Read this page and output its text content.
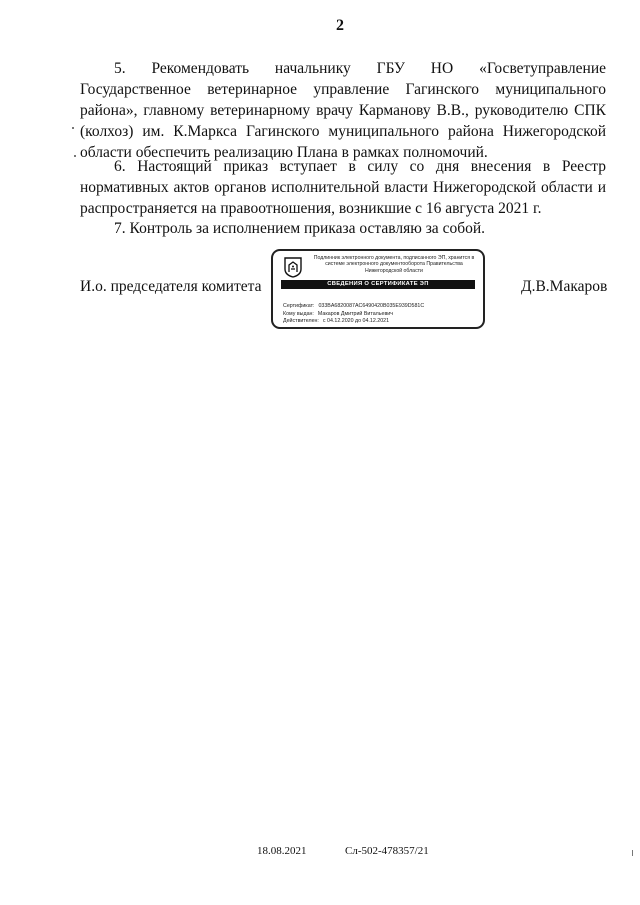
2

5. Рекомендовать начальнику ГБУ НО «Госветуправление Государственное ветеринарное управление Гагинского муниципального района», главному ветеринарному врачу Карманову В.В., руководителю СПК (колхоз) им. К.Маркса Гагинского муниципального района Нижегородской области обеспечить реализацию Плана в рамках полномочий.

6. Настоящий приказ вступает в силу со дня внесения в Реестр нормативных актов органов исполнительной власти Нижегородской области и распространяется на правоотношения, возникшие с 16 августа 2021 г.

7. Контроль за исполнением приказа оставляю за собой.

И.о. председателя комитета
Подлинник электронного документа, подписанного ЭП, хранится в системе электронного документооборота Правительства Нижегородской области
СВЕДЕНИЯ О СЕРТИФИКАТЕ ЭП
Сертификат: 033BA6820087AC6490420B035E939D581C
Кому выдан: Макаров Дмитрий Витальевич
Действителен: с 04.12.2020 до 04.12.2021
Д.В.Макаров
18.08.2021	Сл-502-478357/21
